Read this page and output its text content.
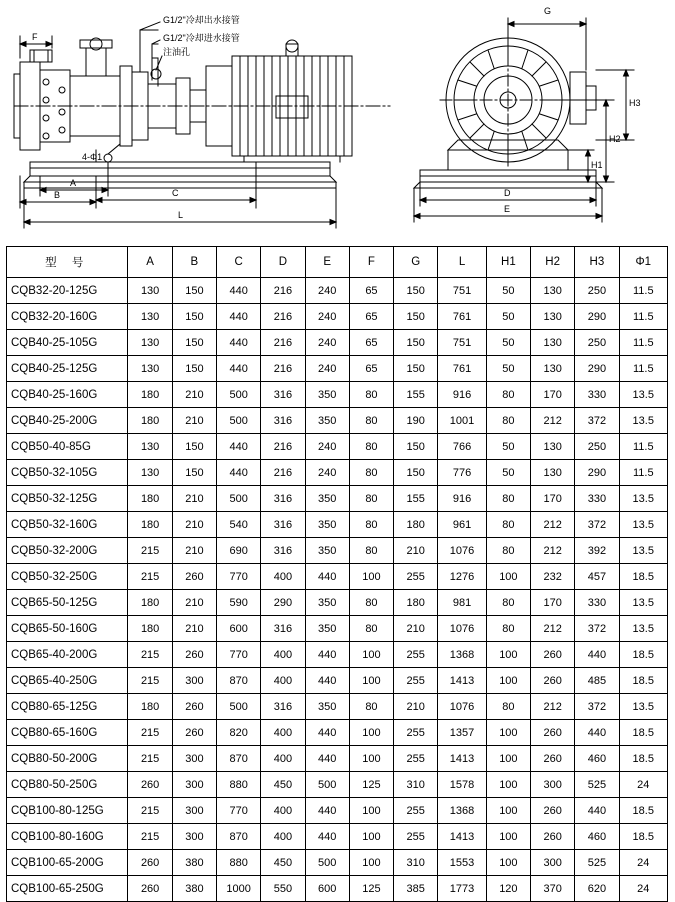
G1/2"冷却出水接管
G1/2"冷却进水接管
注油孔
F
4-Φ1
A
B	C
L
G
H3
H2
H1
D
E
型 号	A	B	C	D	E	F	G	L	H1	H2	H3	Φ1
CQB32-20-125G	130	150	440	216	240	65	150	751	50	130	250	11.5
CQB32-20-160G	130	150	440	216	240	65	150	761	50	130	290	11.5
CQB40-25-105G	130	150	440	216	240	65	150	751	50	130	250	11.5
CQB40-25-125G	130	150	440	216	240	65	150	761	50	130	290	11.5
CQB40-25-160G	180	210	500	316	350	80	155	916	80	170	330	13.5
CQB40-25-200G	180	210	500	316	350	80	190	1001	80	212	372	13.5
CQB50-40-85G	130	150	440	216	240	80	150	766	50	130	250	11.5
CQB50-32-105G	130	150	440	216	240	80	150	776	50	130	290	11.5
CQB50-32-125G	180	210	500	316	350	80	155	916	80	170	330	13.5
CQB50-32-160G	180	210	540	316	350	80	180	961	80	212	372	13.5
CQB50-32-200G	215	210	690	316	350	80	210	1076	80	212	392	13.5
CQB50-32-250G	215	260	770	400	440	100	255	1276	100	232	457	18.5
CQB65-50-125G	180	210	590	290	350	80	180	981	80	170	330	13.5
CQB65-50-160G	180	210	600	316	350	80	210	1076	80	212	372	13.5
CQB65-40-200G	215	260	770	400	440	100	255	1368	100	260	440	18.5
CQB65-40-250G	215	300	870	400	440	100	255	1413	100	260	485	18.5
CQB80-65-125G	180	260	500	316	350	80	210	1076	80	212	372	13.5
CQB80-65-160G	215	260	820	400	440	100	255	1357	100	260	440	18.5
CQB80-50-200G	215	300	870	400	440	100	255	1413	100	260	460	18.5
CQB80-50-250G	260	300	880	450	500	125	310	1578	100	300	525	24
CQB100-80-125G	215	300	770	400	440	100	255	1368	100	260	440	18.5
CQB100-80-160G	215	300	870	400	440	100	255	1413	100	260	460	18.5
CQB100-65-200G	260	380	880	450	500	100	310	1553	100	300	525	24
CQB100-65-250G	260	380	1000	550	600	125	385	1773	120	370	620	24
